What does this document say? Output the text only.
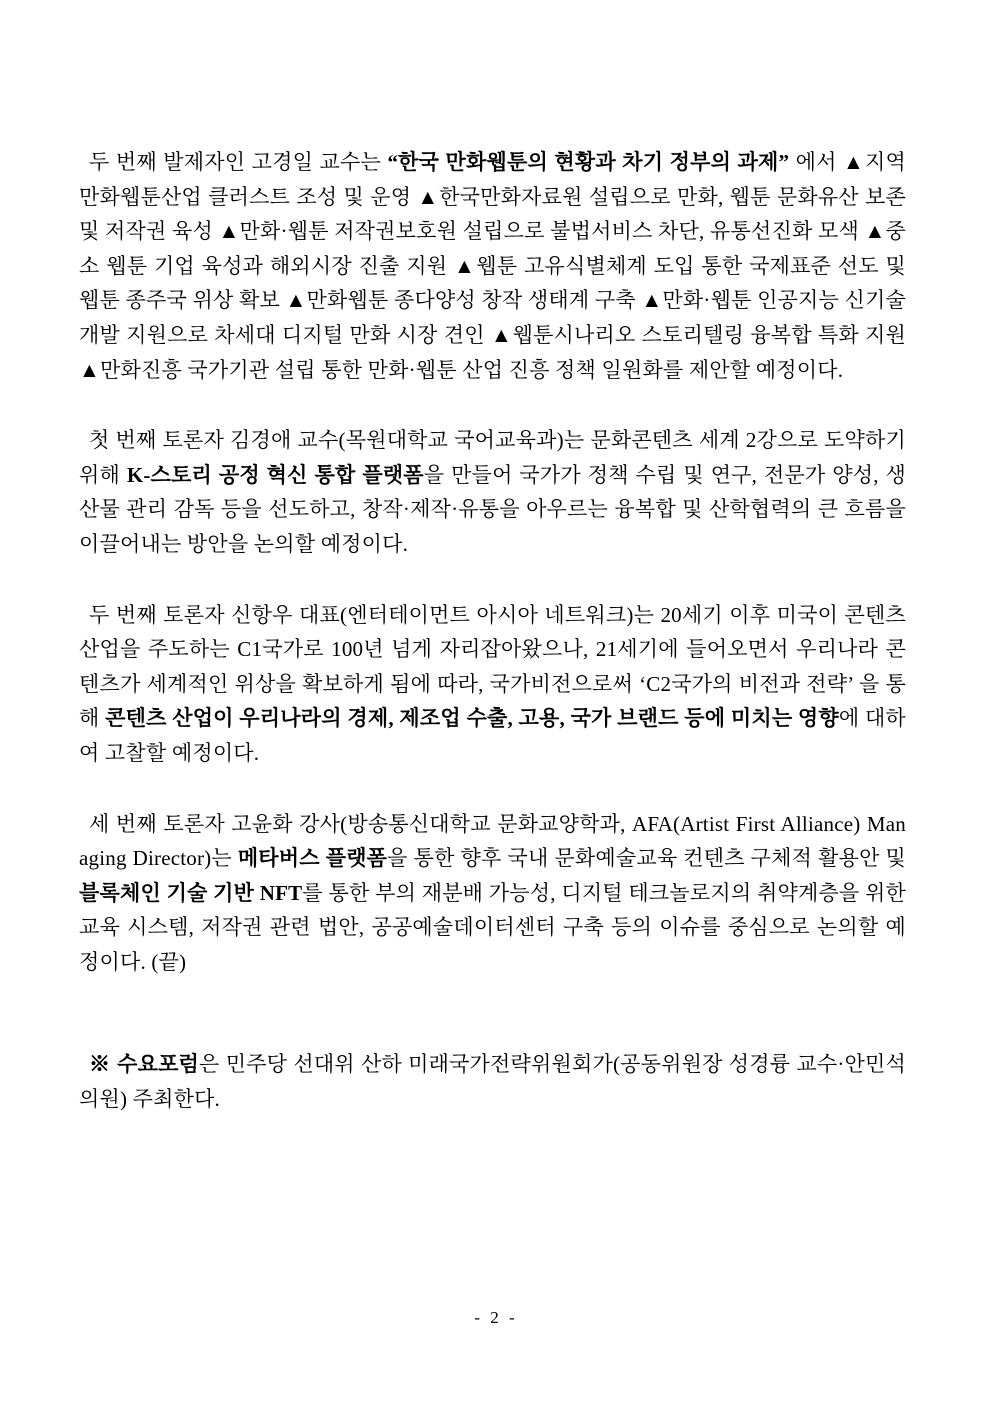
두 번째 발제자인 고경일 교수는 “한국 만화웹툰의 현황과 차기 정부의 과제” 에서 ▲지역 만화웹툰산업 클러스트 조성 및 운영 ▲한국만화자료원 설립으로 만화, 웹툰 문화유산 보존 및 저작권 육성 ▲만화·웹툰 저작권보호원 설립으로 불법서비스 차단, 유통선진화 모색 ▲중소 웹툰 기업 육성과 해외시장 진출 지원 ▲웹툰 고유식별체계 도입 통한 국제표준 선도 및 웹툰 종주국 위상 확보 ▲만화웹툰 종다양성 창작 생태계 구축 ▲만화·웹툰 인공지능 신기술 개발 지원으로 차세대 디지털 만화 시장 견인 ▲웹툰시나리오 스토리텔링 융복합 특화 지원 ▲만화진흥 국가기관 설립 통한 만화·웹툰 산업 진흥 정책 일원화를 제안할 예정이다.

첫 번째 토론자 김경애 교수(목원대학교 국어교육과)는 문화콘텐츠 세계 2강으로 도약하기 위해 K-스토리 공정 혁신 통합 플랫폼을 만들어 국가가 정책 수립 및 연구, 전문가 양성, 생산물 관리 감독 등을 선도하고, 창작·제작·유통을 아우르는 융복합 및 산학협력의 큰 흐름을 이끌어내는 방안을 논의할 예정이다.

두 번째 토론자 신항우 대표(엔터테이먼트 아시아 네트워크)는 20세기 이후 미국이 콘텐츠산업을 주도하는 C1국가로 100년 넘게 자리잡아왔으나, 21세기에 들어오면서 우리나라 콘텐츠가 세계적인 위상을 확보하게 됨에 따라, 국가비전으로써 ‘C2국가의 비전과 전략’ 을 통해 콘텐츠 산업이 우리나라의 경제, 제조업 수출, 고용, 국가 브랜드 등에 미치는 영향에 대하여 고찰할 예정이다.

세 번째 토론자 고윤화 강사(방송통신대학교 문화교양학과, AFA(Artist First Alliance) Managing Director)는 메타버스 플랫폼을 통한 향후 국내 문화예술교육 컨텐츠 구체적 활용안 및 블록체인 기술 기반 NFT를 통한 부의 재분배 가능성, 디지털 테크놀로지의 취약계층을 위한 교육 시스템, 저작권 관련 법안, 공공예술데이터센터 구축 등의 이슈를 중심으로 논의할 예정이다. (끝)

※ 수요포럼은 민주당 선대위 산하 미래국가전략위원회가(공동위원장 성경륭 교수·안민석 의원) 주최한다.

- 2 -
